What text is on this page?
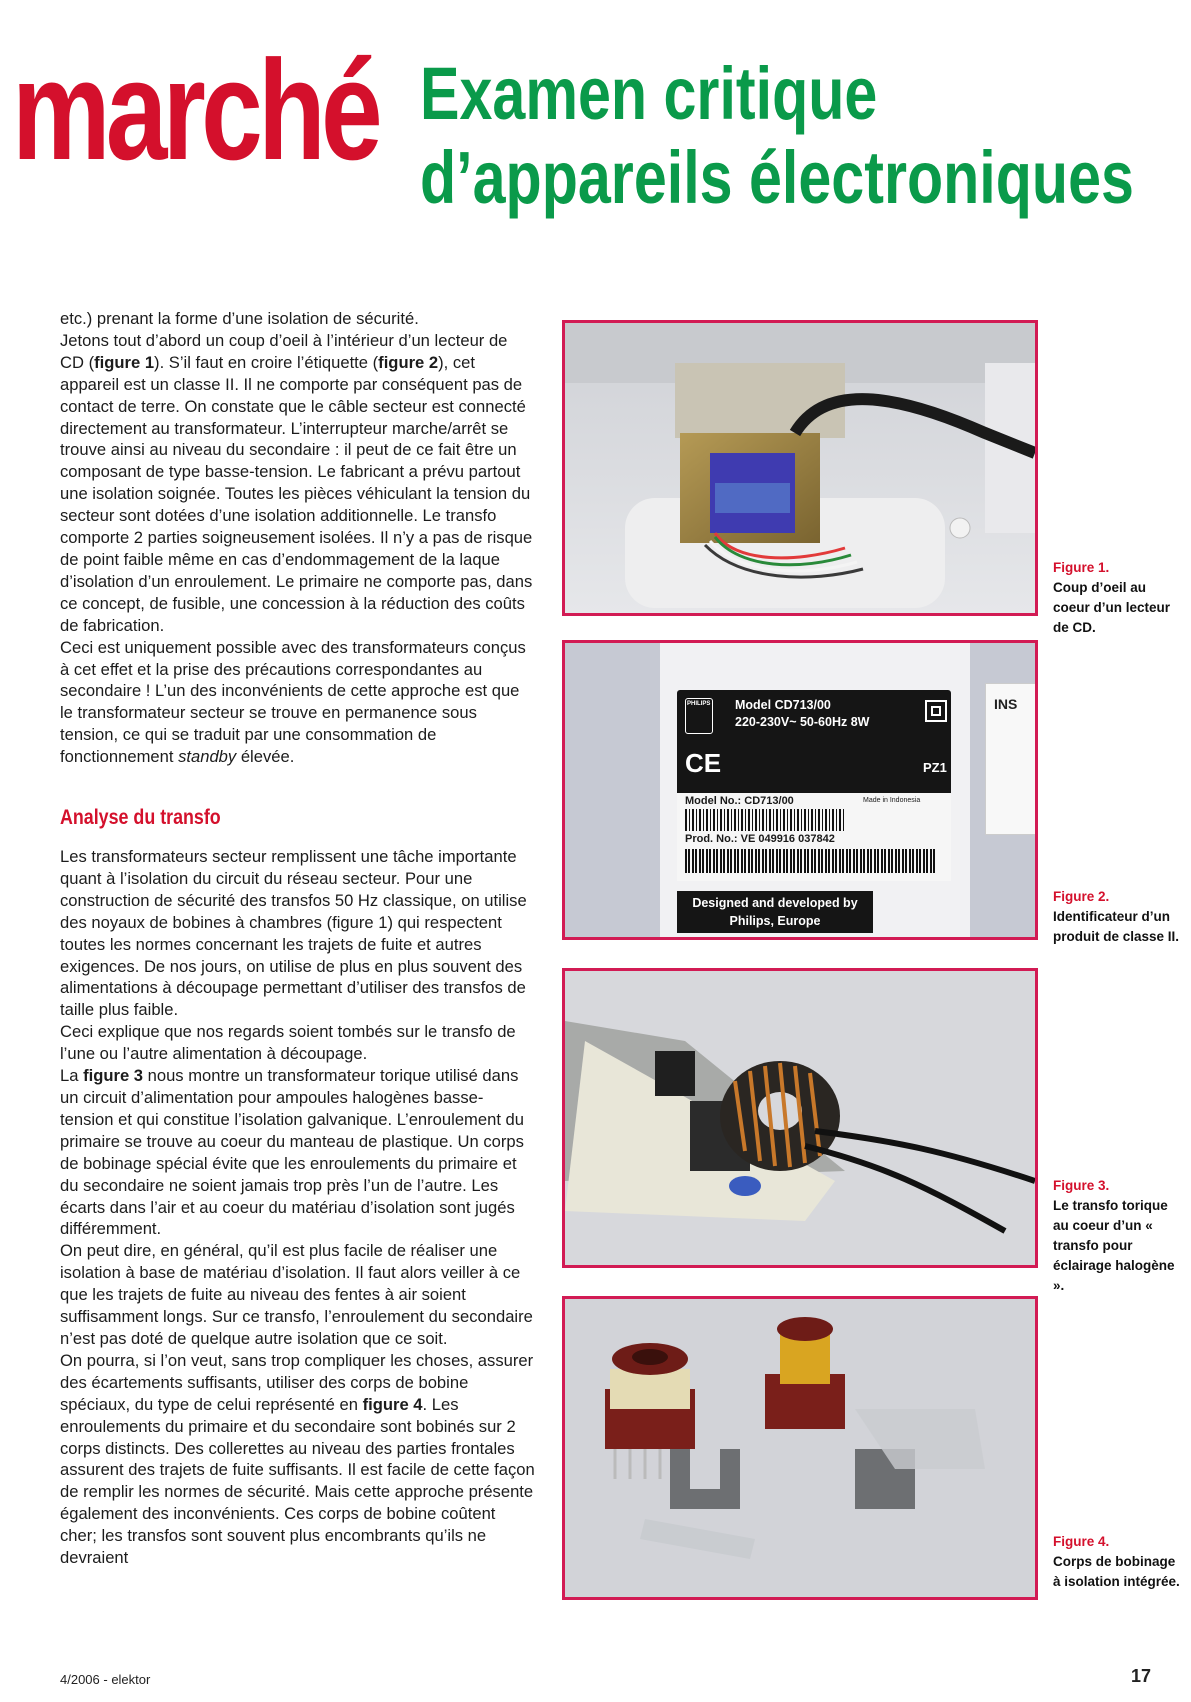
marché Examen critique
d’appareils électroniques

etc.) prenant la forme d’une isolation de sécurité.

Jetons tout d’abord un coup d’oeil à l’intérieur d’un lecteur de CD (figure 1). S’il faut en croire l’étiquette (figure 2), cet appareil est un classe II. Il ne comporte par conséquent pas de contact de terre. On constate que le câble secteur est connecté directement au transformateur. L’interrupteur marche/arrêt se trouve ainsi au niveau du secondaire : il peut de ce fait être un composant de type basse-tension. Le fabricant a prévu partout une isolation soignée. Toutes les pièces véhiculant la tension du secteur sont dotées d’une isolation additionnelle. Le transfo comporte 2 parties soigneusement isolées. Il n’y a pas de risque de point faible même en cas d’endommagement de la laque d’isolation d’un enroulement. Le primaire ne comporte pas, dans ce concept, de fusible, une concession à la réduction des coûts de fabrication.

Ceci est uniquement possible avec des transformateurs conçus à cet effet et la prise des précautions correspondantes au secondaire ! L’un des inconvénients de cette approche est que le transformateur secteur se trouve en permanence sous tension, ce qui se traduit par une consommation de fonctionnement standby élevée.

Analyse du transfo

Les transformateurs secteur remplissent une tâche importante quant à l’isolation du circuit du réseau secteur. Pour une construction de sécurité des transfos 50 Hz classique, on utilise des noyaux de bobines à chambres (figure 1) qui respectent toutes les normes concernant les trajets de fuite et autres exigences. De nos jours, on utilise de plus en plus souvent des alimentations à découpage permettant d’utiliser des transfos de taille plus faible.

Ceci explique que nos regards soient tombés sur le transfo de l’une ou l’autre alimentation à découpage.

La figure 3 nous montre un transformateur torique utilisé dans un circuit d’alimentation pour ampoules halogènes basse-tension et qui constitue l’isolation galvanique. L’enroulement du primaire se trouve au coeur du manteau de plastique. Un corps de bobinage spécial évite que les enroulements du primaire et du secondaire ne soient jamais trop près l’un de l’autre. Les écarts dans l’air et au coeur du matériau d’isolation sont jugés différemment.

On peut dire, en général, qu’il est plus facile de réaliser une isolation à base de matériau d’isolation. Il faut alors veiller à ce que les trajets de fuite au niveau des fentes à air soient suffisamment longs. Sur ce transfo, l’enroulement du secondaire n’est pas doté de quelque autre isolation que ce soit.

On pourra, si l’on veut, sans trop compliquer les choses, assurer des écartements suffisants, utiliser des corps de bobine spéciaux, du type de celui représenté en figure 4. Les enroulements du primaire et du secondaire sont bobinés sur 2 corps distincts. Des collerettes au niveau des parties frontales assurent des trajets de fuite suffisants. Il est facile de cette façon de remplir les normes de sécurité. Mais cette approche présente également des inconvénients. Ces corps de bobine coûtent cher; les transfos sont souvent plus encombrants qu’ils ne devraient

Figure 1.
Coup d’oeil au coeur d’un lecteur de CD.
INS
PHILIPS Model CD713/00
220-230V~ 50-60Hz 8W
CE	PZ1
Model No.: CD713/00	Made in Indonesia
Prod. No.: VE 049916 037842
Designed and developed by
Philips, Europe
Figure 2.
Identificateur d’un produit de classe II.
Figure 3.
Le transfo torique au coeur d’un « transfo pour éclairage halogène ».
Figure 4.
Corps de bobinage à isolation intégrée.
4/2006 - elektor	17
